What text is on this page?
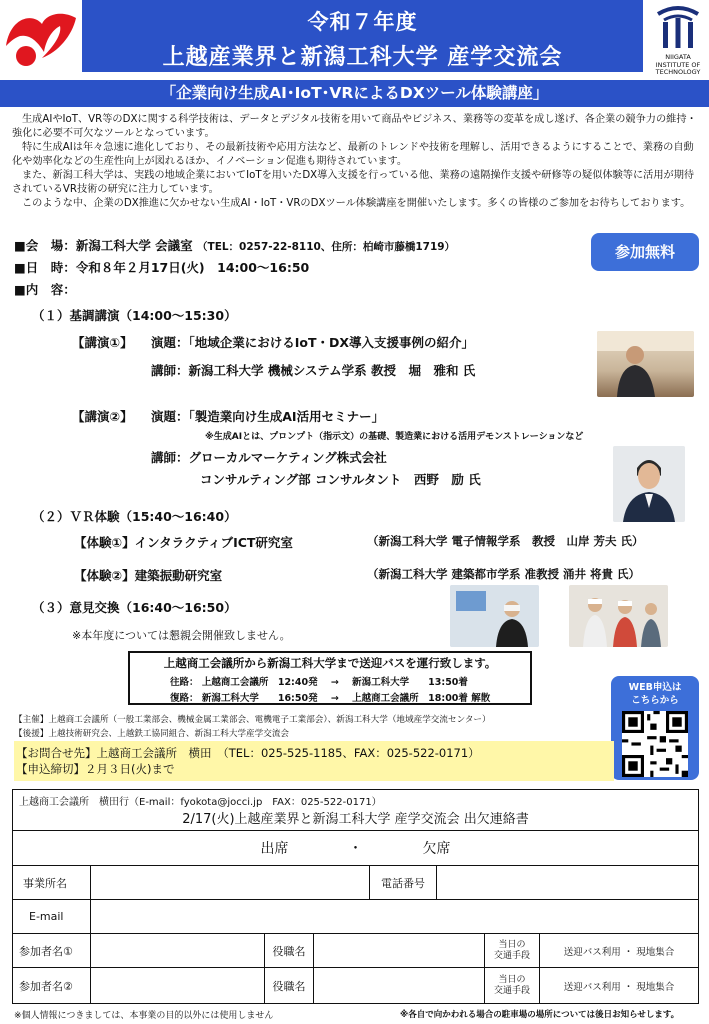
令和７年度
上越産業界と新潟工科大学 産学交流会	NIIGATA
INSTITUTE OF
TECHNOLOGY
「企業向け生成AI･IoT･VRによるDXツール体験講座」

生成AIやIoT、VR等のDXに関する科学技術は、データとデジタル技術を用いて商品やビジネス、業務等の変革を成し遂げ、各企業の競争力の維持・強化に必要不可欠なツールとなっています。

特に生成AIは年々急速に進化しており、その最新技術や応用方法など、最新のトレンドや技術を理解し、活用できるようにすることで、業務の自動化や効率化などの生産性向上が図れるほか、イノベーション促進も期待されています。

また、新潟工科大学は、実践の地域企業においてIoTを用いたDX導入支援を行っている他、業務の遠隔操作支援や研修等の疑似体験等に活用が期待されているVR技術の研究に注力しています。

このような中、企業のDX推進に欠かせない生成AI・IoT・VRのDXツール体験講座を開催いたします。多くの皆様のご参加をお待ちしております。

■会　場：新潟工科大学 会議室 （TEL：0257-22-8110、住所：柏崎市藤橋1719）
■日　時：令和８年２月17日(火)　14:00～16:50
■内　容：
参加無料
（１）基調講演（14:00～15:30）
【講演①】 演題：「地域企業におけるIoT・DX導入支援事例の紹介」
講師：新潟工科大学 機械システム学系 教授　堀　雅和 氏
【講演②】 演題：「製造業向け生成AI活用セミナー」
※生成AIとは、プロンプト（指示文）の基礎、製造業における活用デモンストレーションなど
講師：グローカルマーケティング株式会社
コンサルティング部 コンサルタント　西野　励 氏
（２）ＶＲ体験（15:40～16:40）
【体験①】インタラクティブICT研究室	（新潟工科大学 電子情報学系　教授　山岸 芳夫 氏）
【体験②】建築振動研究室	（新潟工科大学 建築都市学系 准教授 涌井 将貴 氏）
（３）意見交換（16:40～16:50）
※本年度については懇親会開催致しません。
上越商工会議所から新潟工科大学まで送迎バスを運行致します。
往路： 上越商工会議所　12:40発 → 新潟工科大学　　13:50着
復路： 新潟工科大学　　16:50発 → 上越商工会議所　18:00着 解散
WEB申込は
こちらから
【主催】上越商工会議所（一般工業部会、機械金属工業部会、電機電子工業部会）、新潟工科大学（地域産学交流センター）
【後援】上越技術研究会、上越鉄工協同組合、新潟工科大学産学交流会
【お問合せ先】上越商工会議所　横田　（TEL：025-525-1185、FAX：025-522-0171）
【申込締切】２月３日(火)まで
上越商工会議所　横田行（E-mail：fyokota@jocci.jp　FAX：025-522-0171）
2/17(火)上越産業界と新潟工科大学 産学交流会 出欠連絡書
出席	・	欠席
事業所名	電話番号
E-mail
参加者名①	役職名	当日の
交通手段	送迎バス利用 ・ 現地集合
参加者名②	役職名	当日の
交通手段	送迎バス利用 ・ 現地集合
※個人情報につきましては、本事業の目的以外には使用しません	※各自で向かわれる場合の駐車場の場所については後日お知らせします。
